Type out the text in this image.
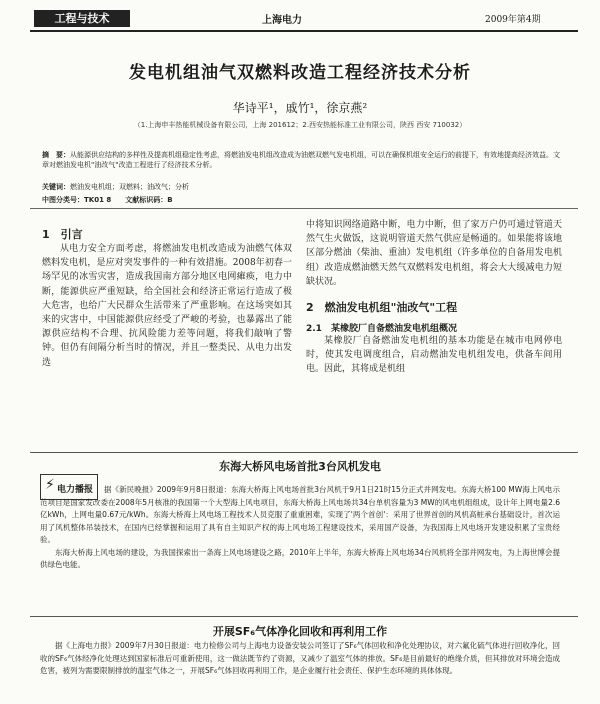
工程与技术	上海电力	2009年第4期
发电机组油气双燃料改造工程经济技术分析
华诗平¹，戚竹¹，徐京燕²
（1.上海申丰热能机械设备有限公司，上海 201612；2.西安热能标准工业有限公司，陕西 西安 710032）
摘　要：从能源供应结构的多样性及提高机组稳定性考虑，将燃油发电机组改造成为油燃双燃气发电机组，可以在确保机组安全运行的前提下，有效地提高经济效益。文章对燃油发电机"油改气"改造工程进行了经济技术分析。
关键词：燃油发电机组；双燃料；油改气；分析
中图分类号：TK01 8　　文献标识码：B

1　引言

从电力安全方面考虑，将燃油发电机改造成为油燃气体双燃料发电机，是应对突发事件的一种有效措施。2008年初春一场罕见的冰雪灾害，造成我国南方部分地区电网瘫痪，电力中断，能源供应严重短缺，给全国社会和经济正常运行造成了极大危害，也给广大民群众生活带来了严重影响。在这场突如其来的灾害中，中国能源供应经受了严峻的考验，也暴露出了能源供应结构不合理、抗风险能力差等问题，将我们敲响了警钟。但仍有间隔分析当时的情况，并且一整类民、从电力出发选

中将知识网络道路中断，电力中断，但了家万户仍可通过管道天然气生火做饭，这说明管道天然气供应是畅通的。如果能将该地区部分燃油（柴油、重油）发电机组（许多单位的自备用发电机组）改造成燃油燃天然气双燃料发电机组，将会大大缓减电力短缺状况。

2　燃油发电机组"油改气"工程

2.1　某橡胶厂自备燃油发电机组概况

某橡胶厂自备燃油发电机组的基本功能是在城市电网停电时，使其发电调度组合，启动燃油发电机组发电，供备车间用电。因此，其将成是机组

东海大桥风电场首批3台风机发电
⚡ 电力播报	据《新民晚报》2009年9月8日报道：东海大桥海上风电场首批3台风机于9月1日21时15分正式并网发电。东海大桥100 MW海上风电示范项目是国家发改委在2008年5月核准的我国第一个大型海上风电项目，东海大桥海上风电场共34台单机容量为3 MW的风电机组组成，设计年上网电量2.6亿kWh，上网电量0.67元/kWh。东海大桥海上风电场工程技术人员克服了重重困难，实现了'两个首创'：采用了世界首创的风机高桩承台基础设计，首次运用了风机整体吊装技术，在国内已经掌握和运用了具有自主知识产权的海上风电场工程建设技术，采用国产设备，为我国海上风电场开发建设积累了宝贵经验。

东海大桥海上风电场的建设，为我国探索出一条海上风电场建设之路，2010年上半年，东海大桥海上风电场34台风机将全部并网发电，为上海世博会提供绿色电能。

开展SF₆气体净化回收和再利用工作

据《上海电力报》2009年7月30日报道：电力检修公司与上海电力设备安装公司签订了SF₆气体回收和净化处理协议，对六氟化硫气体进行回收净化，回收的SF₆气体经净化处理达到国家标准后可重新使用，这一做法既节约了资源，又减少了温室气体的排放。SF₆是目前最好的绝缘介质，但其排放对环境会造成危害，被列为需要限制排放的温室气体之一，开展SF₆气体回收再利用工作，是企业履行社会责任、保护生态环境的具体体现。
